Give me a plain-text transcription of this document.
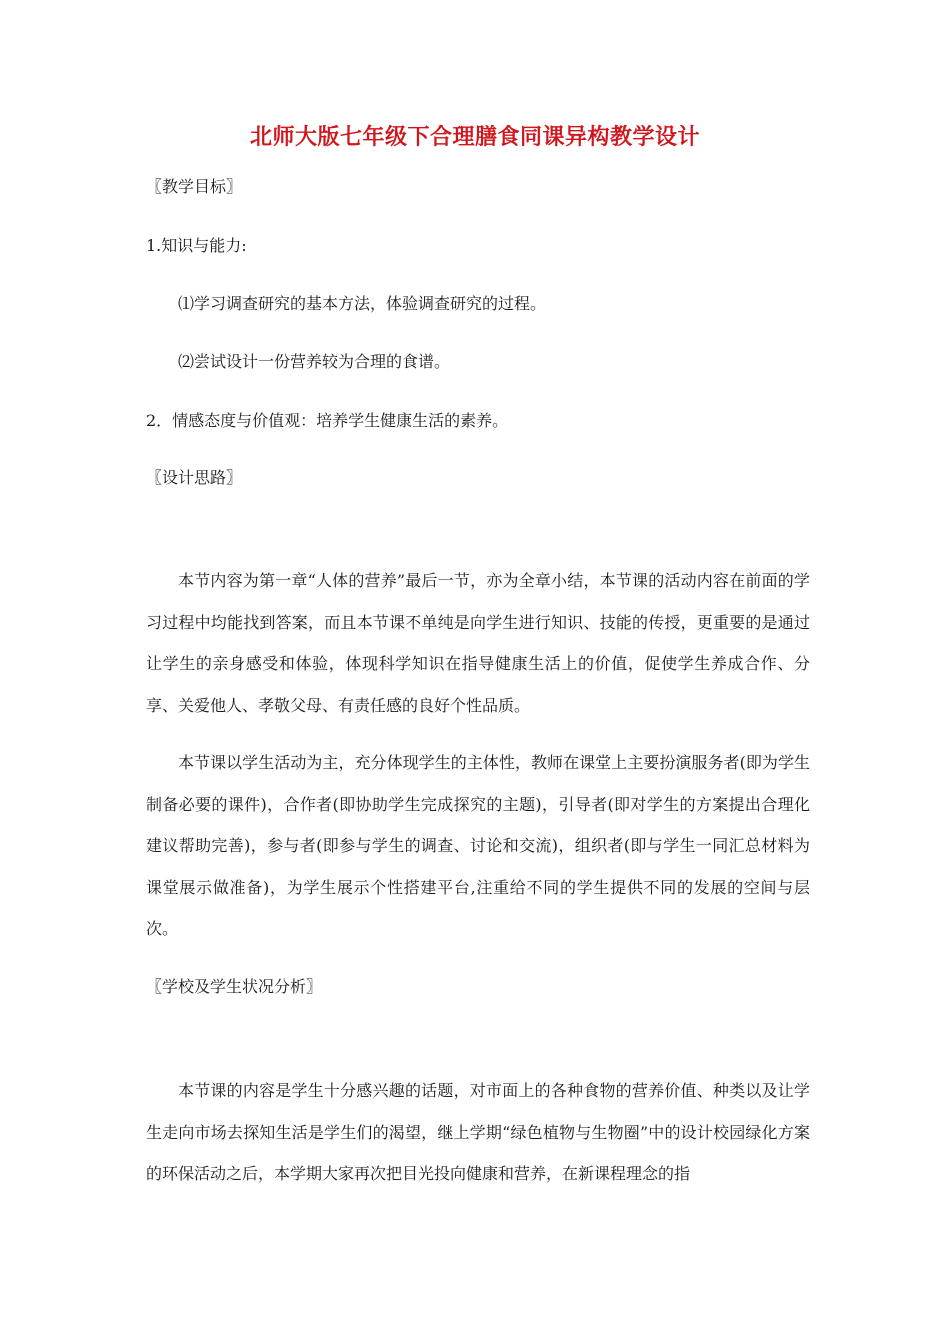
北师大版七年级下合理膳食同课异构教学设计
〖教学目标〗
1.知识与能力:
⑴学习调查研究的基本方法，体验调查研究的过程。
⑵尝试设计一份营养较为合理的食谱。
2．情感态度与价值观：培养学生健康生活的素养。
〖设计思路〗
本节内容为第一章“人体的营养”最后一节，亦为全章小结，本节课的活动内容在前面的学习过程中均能找到答案，而且本节课不单纯是向学生进行知识、技能的传授，更重要的是通过让学生的亲身感受和体验，体现科学知识在指导健康生活上的价值，促使学生养成合作、分享、关爱他人、孝敬父母、有责任感的良好个性品质。
本节课以学生活动为主，充分体现学生的主体性，教师在课堂上主要扮演服务者(即为学生制备必要的课件)，合作者(即协助学生完成探究的主题)，引导者(即对学生的方案提出合理化建议帮助完善)，参与者(即参与学生的调查、讨论和交流)，组织者(即与学生一同汇总材料为课堂展示做准备)，为学生展示个性搭建平台,注重给不同的学生提供不同的发展的空间与层次。
〖学校及学生状况分析〗
本节课的内容是学生十分感兴趣的话题，对市面上的各种食物的营养价值、种类以及让学生走向市场去探知生活是学生们的渴望，继上学期“绿色植物与生物圈”中的设计校园绿化方案的环保活动之后，本学期大家再次把目光投向健康和营养，在新课程理念的指
